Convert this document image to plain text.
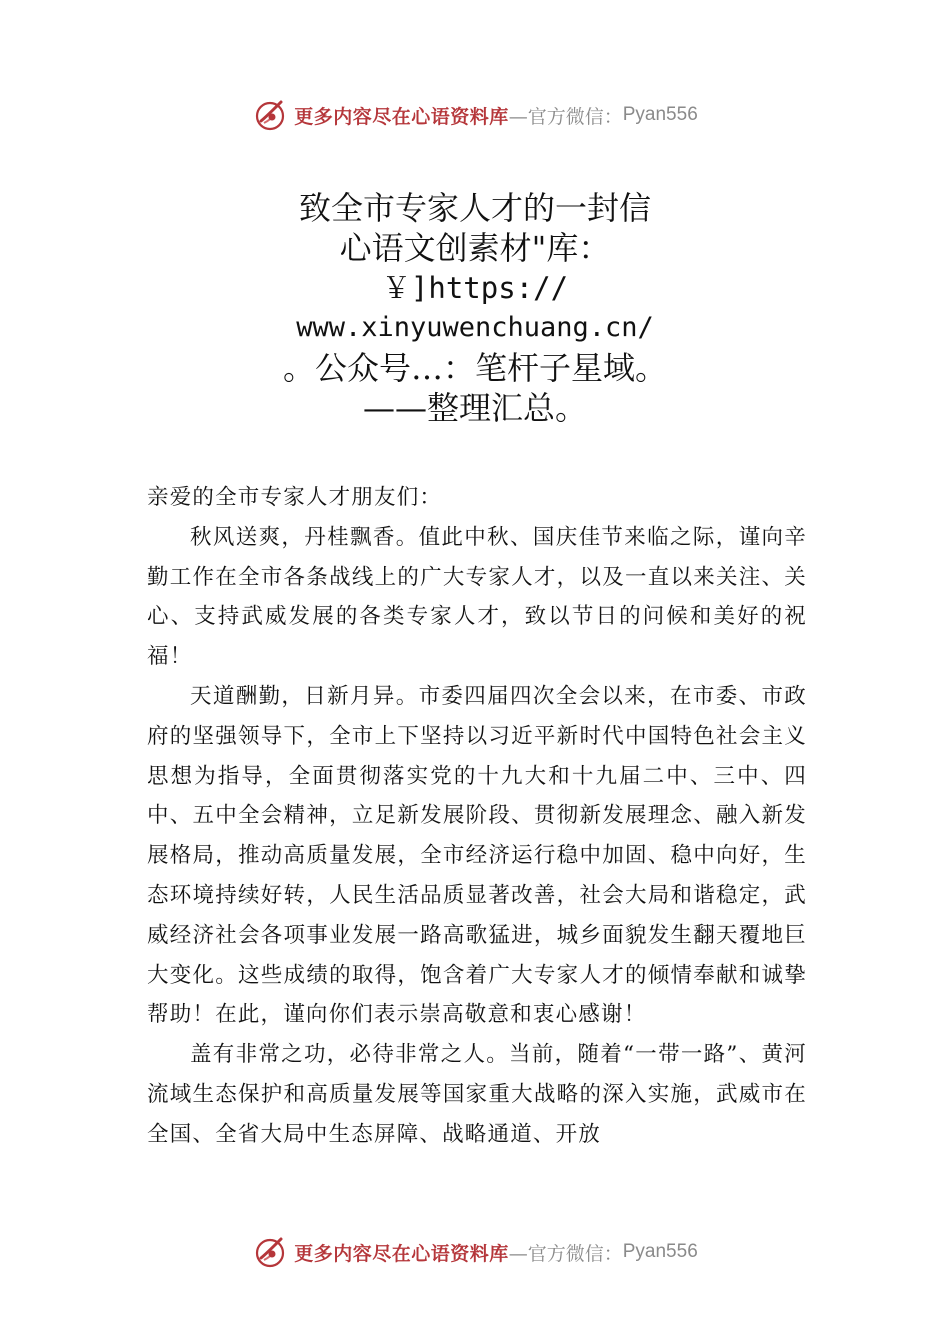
更多内容尽在心语资料库 —官方微信： Pyan556
致全市专家人才的一封信
心语文创素材"库：
￥]https://
www.xinyuwenchuang.cn/
。公众号…：笔杆子星域。
——整理汇总。

亲爱的全市专家人才朋友们：

秋风送爽，丹桂飘香。值此中秋、国庆佳节来临之际，谨向辛勤工作在全市各条战线上的广大专家人才，以及一直以来关注、关心、支持武威发展的各类专家人才，致以节日的问候和美好的祝福！

天道酬勤，日新月异。市委四届四次全会以来，在市委、市政府的坚强领导下，全市上下坚持以习近平新时代中国特色社会主义思想为指导，全面贯彻落实党的十九大和十九届二中、三中、四中、五中全会精神，立足新发展阶段、贯彻新发展理念、融入新发展格局，推动高质量发展，全市经济运行稳中加固、稳中向好，生态环境持续好转，人民生活品质显著改善，社会大局和谐稳定，武威经济社会各项事业发展一路高歌猛进，城乡面貌发生翻天覆地巨大变化。这些成绩的取得，饱含着广大专家人才的倾情奉献和诚挚帮助！在此，谨向你们表示崇高敬意和衷心感谢！

盖有非常之功，必待非常之人。当前，随着“一带一路”、黄河流域生态保护和高质量发展等国家重大战略的深入实施，武威市在全国、全省大局中生态屏障、战略通道、开放

更多内容尽在心语资料库 —官方微信： Pyan556
